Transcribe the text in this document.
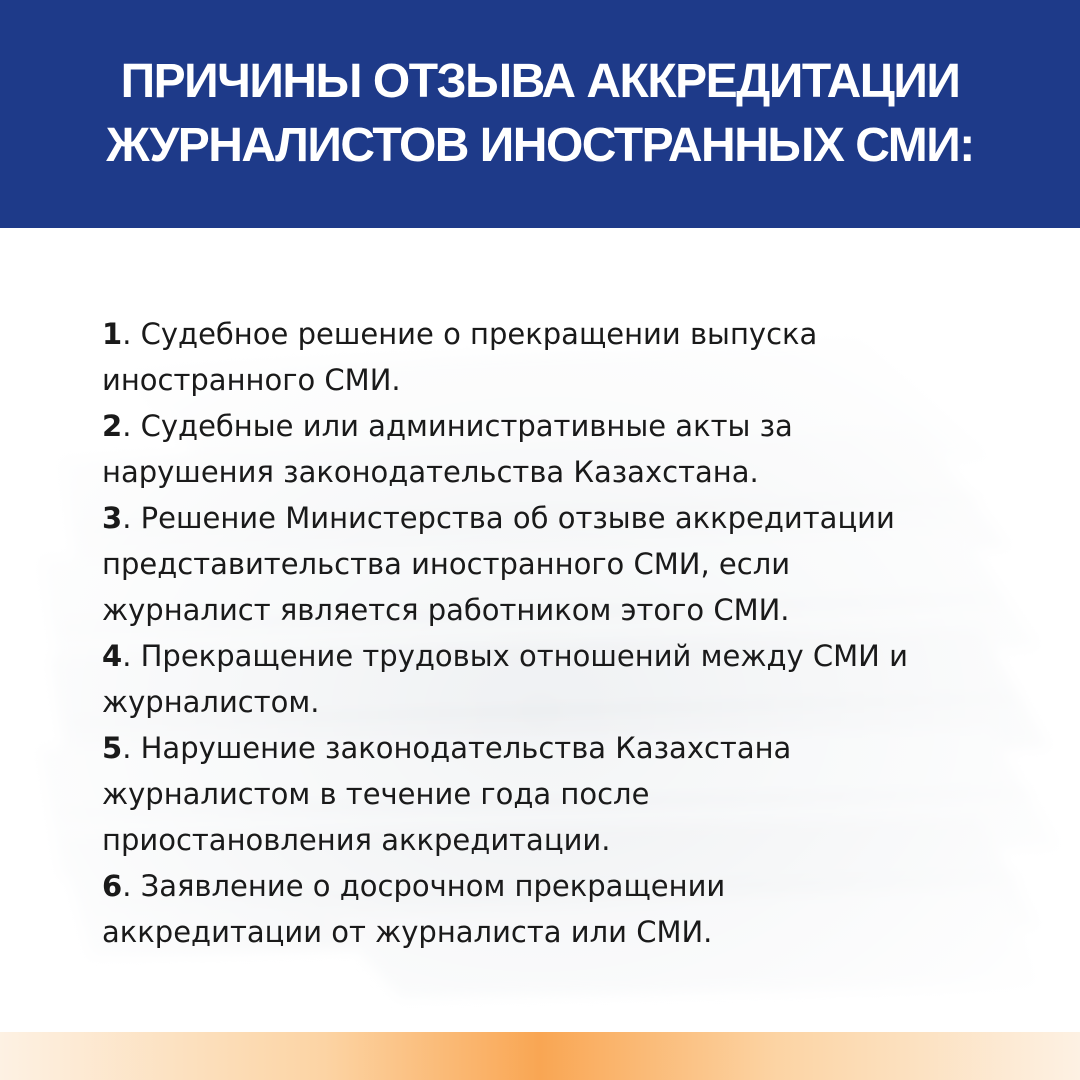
ПРИЧИНЫ ОТЗЫВА АККРЕДИТАЦИИ
ЖУРНАЛИСТОВ ИНОСТРАННЫХ СМИ:
1. Судебное решение о прекращении выпуска
иностранного СМИ.
2. Судебные или административные акты за
нарушения законодательства Казахстана.
3. Решение Министерства об отзыве аккредитации
представительства иностранного СМИ, если
журналист является работником этого СМИ.
4. Прекращение трудовых отношений между СМИ и
журналистом.
5. Нарушение законодательства Казахстана
журналистом в течение года после
приостановления аккредитации.
6. Заявление о досрочном прекращении
аккредитации от журналиста или СМИ.
